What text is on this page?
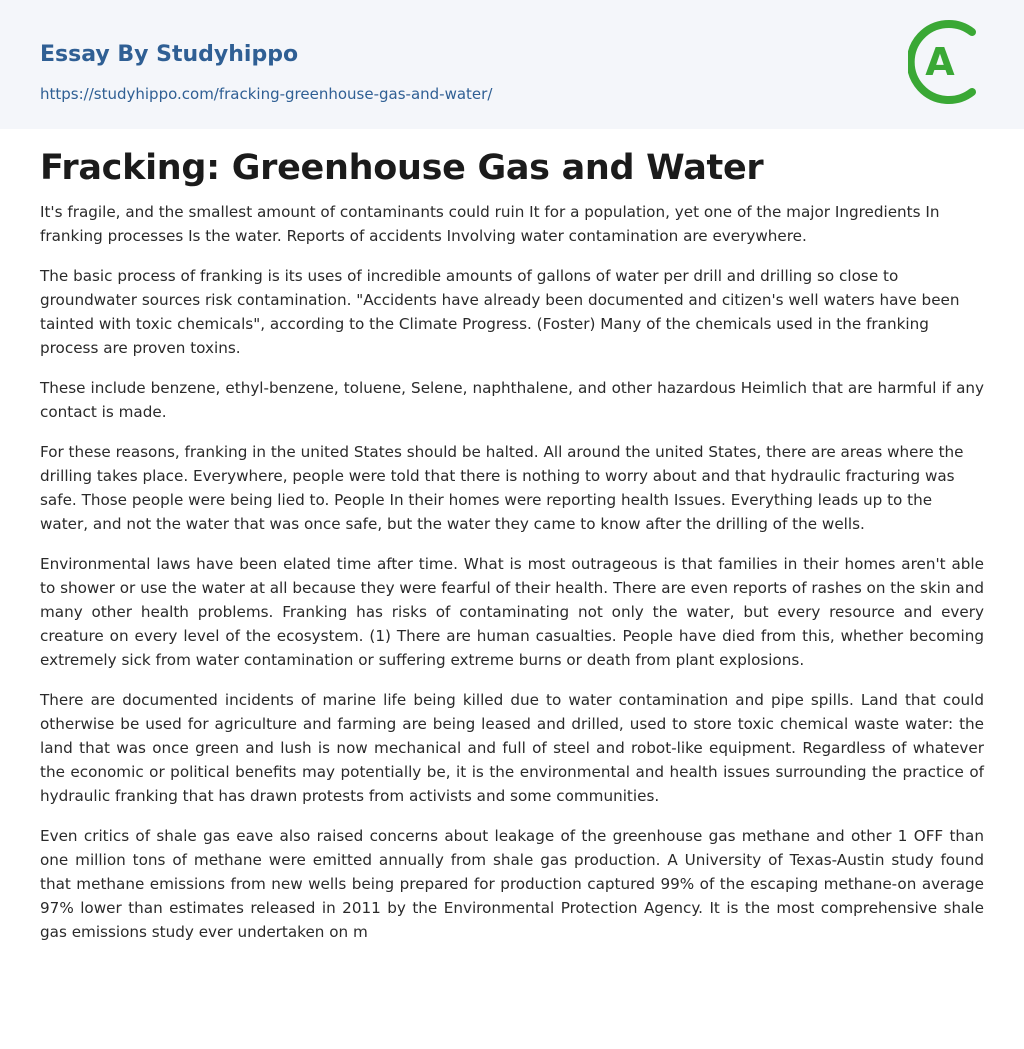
Essay By Studyhippo
https://studyhippo.com/fracking-greenhouse-gas-and-water/
A
Fracking: Greenhouse Gas and Water

It's fragile, and the smallest amount of contaminants could ruin It for a population, yet one of the major Ingredients In franking processes Is the water. Reports of accidents Involving water contamination are everywhere.

The basic process of franking is its uses of incredible amounts of gallons of water per drill and drilling so close to groundwater sources risk contamination. "Accidents have already been documented and citizen's well waters have been tainted with toxic chemicals", according to the Climate Progress. (Foster) Many of the chemicals used in the franking process are proven toxins.

These include benzene, ethyl-benzene, toluene, Selene, naphthalene, and other hazardous Heimlich that are harmful if any contact is made.

For these reasons, franking in the united States should be halted. All around the united States, there are areas where the drilling takes place. Everywhere, people were told that there is nothing to worry about and that hydraulic fracturing was safe. Those people were being lied to. People In their homes were reporting health Issues. Everything leads up to the water, and not the water that was once safe, but the water they came to know after the drilling of the wells.

Environmental laws have been elated time after time. What is most outrageous is that families in their homes aren't able to shower or use the water at all because they were fearful of their health. There are even reports of rashes on the skin and many other health problems. Franking has risks of contaminating not only the water, but every resource and every creature on every level of the ecosystem. (1) There are human casualties. People have died from this, whether becoming extremely sick from water contamination or suffering extreme burns or death from plant explosions.

There are documented incidents of marine life being killed due to water contamination and pipe spills. Land that could otherwise be used for agriculture and farming are being leased and drilled, used to store toxic chemical waste water: the land that was once green and lush is now mechanical and full of steel and robot-like equipment. Regardless of whatever the economic or political benefits may potentially be, it is the environmental and health issues surrounding the practice of hydraulic franking that has drawn protests from activists and some communities.

Even critics of shale gas eave also raised concerns about leakage of the greenhouse gas methane and other 1 OFF than one million tons of methane were emitted annually from shale gas production. A University of Texas-Austin study found that methane emissions from new wells being prepared for production captured 99% of the escaping methane-on average 97% lower than estimates released in 2011 by the Environmental Protection Agency. It is the most comprehensive shale gas emissions study ever undertaken on m
